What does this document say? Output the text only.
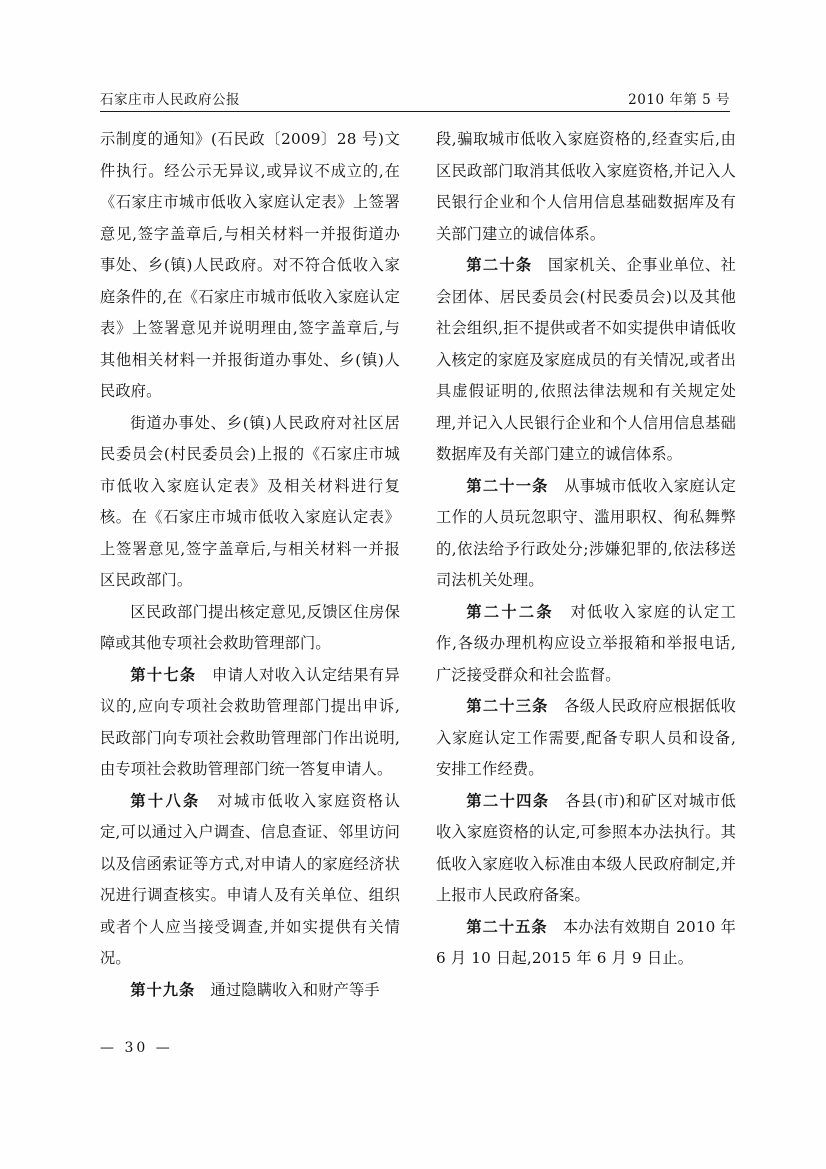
石家庄市人民政府公报	2010 年第 5 号

示制度的通知》(石民政〔2009〕28 号)文件执行。经公示无异议,或异议不成立的,在《石家庄市城市低收入家庭认定表》上签署意见,签字盖章后,与相关材料一并报街道办事处、乡(镇)人民政府。对不符合低收入家庭条件的,在《石家庄市城市低收入家庭认定表》上签署意见并说明理由,签字盖章后,与其他相关材料一并报街道办事处、乡(镇)人民政府。

街道办事处、乡(镇)人民政府对社区居民委员会(村民委员会)上报的《石家庄市城市低收入家庭认定表》及相关材料进行复核。在《石家庄市城市低收入家庭认定表》上签署意见,签字盖章后,与相关材料一并报区民政部门。

区民政部门提出核定意见,反馈区住房保障或其他专项社会救助管理部门。

第十七条　 申请人对收入认定结果有异议的,应向专项社会救助管理部门提出申诉,民政部门向专项社会救助管理部门作出说明,由专项社会救助管理部门统一答复申请人。

第十八条　 对城市低收入家庭资格认定,可以通过入户调查、信息查证、邻里访问以及信函索证等方式,对申请人的家庭经济状况进行调查核实。申请人及有关单位、组织或者个人应当接受调查,并如实提供有关情况。

第十九条　 通过隐瞒收入和财产等手

段,骗取城市低收入家庭资格的,经查实后,由区民政部门取消其低收入家庭资格,并记入人民银行企业和个人信用信息基础数据库及有关部门建立的诚信体系。

第二十条　 国家机关、企事业单位、社会团体、居民委员会(村民委员会)以及其他社会组织,拒不提供或者不如实提供申请低收入核定的家庭及家庭成员的有关情况,或者出具虚假证明的,依照法律法规和有关规定处理,并记入人民银行企业和个人信用信息基础数据库及有关部门建立的诚信体系。

第二十一条　 从事城市低收入家庭认定工作的人员玩忽职守、滥用职权、徇私舞弊的,依法给予行政处分;涉嫌犯罪的,依法移送司法机关处理。

第二十二条　 对低收入家庭的认定工作,各级办理机构应设立举报箱和举报电话,广泛接受群众和社会监督。

第二十三条　 各级人民政府应根据低收入家庭认定工作需要,配备专职人员和设备,安排工作经费。

第二十四条　 各县(市)和矿区对城市低收入家庭资格的认定,可参照本办法执行。其低收入家庭收入标准由本级人民政府制定,并上报市人民政府备案。

第二十五条　 本办法有效期自 2010 年 6 月 10 日起,2015 年 6 月 9 日止。

— 30 —
